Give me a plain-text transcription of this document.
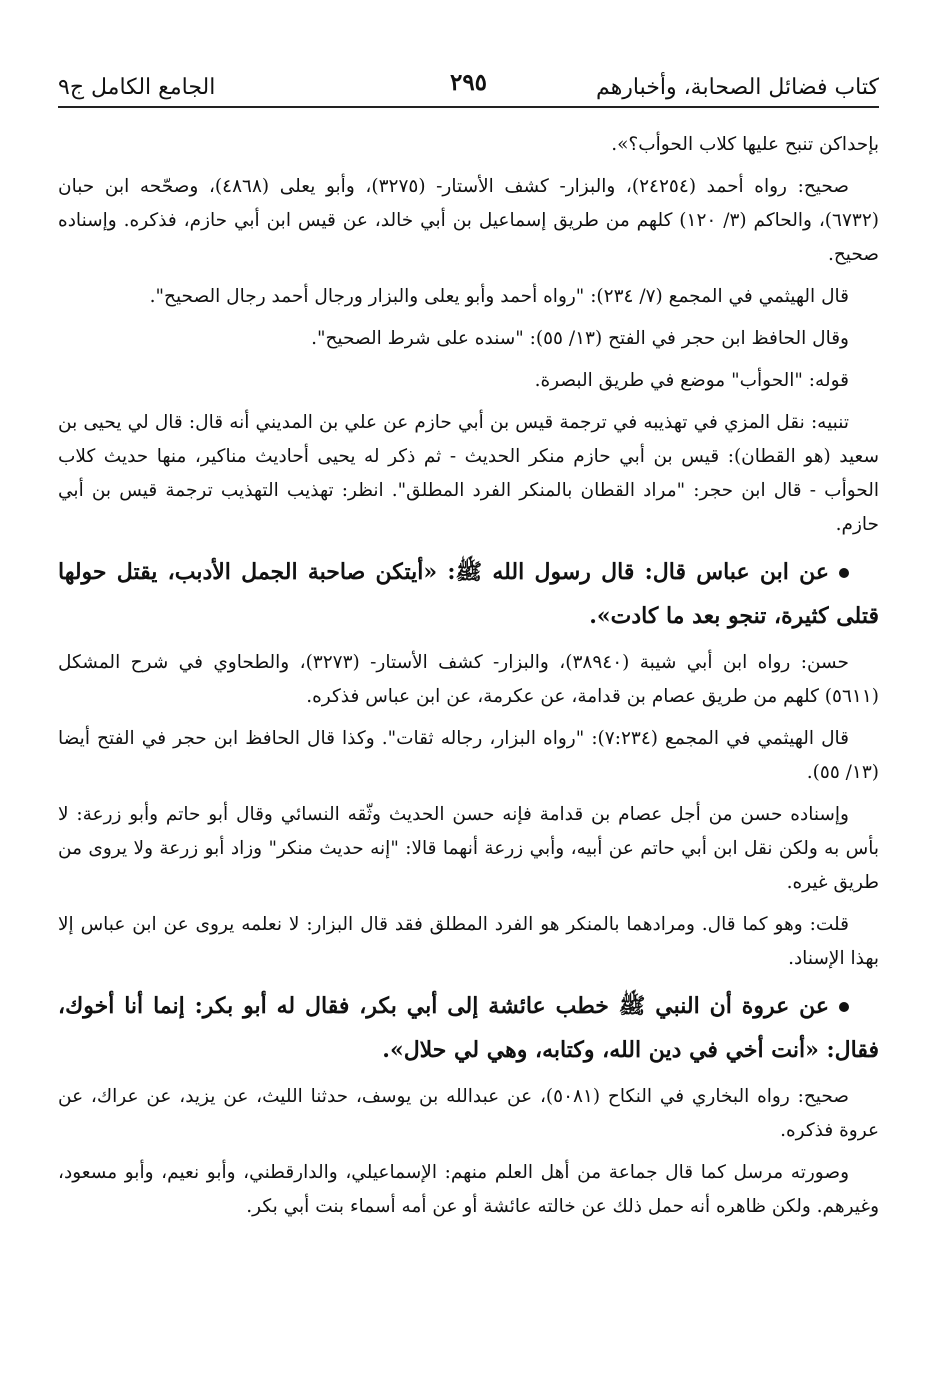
كتاب فضائل الصحابة، وأخبارهم
٢٩٥
الجامع الكامل ج٩

بإحداكن تنبح عليها كلاب الحوأب؟».

صحيح: رواه أحمد (٢٤٢٥٤)، والبزار- كشف الأستار- (٣٢٧٥)، وأبو يعلى (٤٨٦٨)، وصحّحه ابن حبان (٦٧٣٢)، والحاكم (٣/ ١٢٠) كلهم من طريق إسماعيل بن أبي خالد، عن قيس ابن أبي حازم، فذكره. وإسناده صحيح.

قال الهيثمي في المجمع (٧/ ٢٣٤): "رواه أحمد وأبو يعلى والبزار ورجال أحمد رجال الصحيح".

وقال الحافظ ابن حجر في الفتح (١٣/ ٥٥): "سنده على شرط الصحيح".

قوله: "الحوأب" موضع في طريق البصرة.

تنبيه: نقل المزي في تهذيبه في ترجمة قيس بن أبي حازم عن علي بن المديني أنه قال: قال لي يحيى بن سعيد (هو القطان): قيس بن أبي حازم منكر الحديث - ثم ذكر له يحيى أحاديث مناكير، منها حديث كلاب الحوأب - قال ابن حجر: "مراد القطان بالمنكر الفرد المطلق". انظر: تهذيب التهذيب ترجمة قيس بن أبي حازم.

عن ابن عباس قال: قال رسول الله ﷺ: «أيتكن صاحبة الجمل الأدبب، يقتل حولها قتلى كثيرة، تنجو بعد ما كادت».

حسن: رواه ابن أبي شيبة (٣٨٩٤٠)، والبزار- كشف الأستار- (٣٢٧٣)، والطحاوي في شرح المشكل (٥٦١١) كلهم من طريق عصام بن قدامة، عن عكرمة، عن ابن عباس فذكره.

قال الهيثمي في المجمع (٧:٢٣٤): "رواه البزار، رجاله ثقات". وكذا قال الحافظ ابن حجر في الفتح أيضا (١٣/ ٥٥).

وإسناده حسن من أجل عصام بن قدامة فإنه حسن الحديث وثّقه النسائي وقال أبو حاتم وأبو زرعة: لا بأس به ولكن نقل ابن أبي حاتم عن أبيه، وأبي زرعة أنهما قالا: "إنه حديث منكر" وزاد أبو زرعة ولا يروى من طريق غيره.

قلت: وهو كما قال. ومرادهما بالمنكر هو الفرد المطلق فقد قال البزار: لا نعلمه يروى عن ابن عباس إلا بهذا الإسناد.

عن عروة أن النبي ﷺ خطب عائشة إلى أبي بكر، فقال له أبو بكر: إنما أنا أخوك، فقال: «أنت أخي في دين الله، وكتابه، وهي لي حلال».

صحيح: رواه البخاري في النكاح (٥٠٨١)، عن عبدالله بن يوسف، حدثنا الليث، عن يزيد، عن عراك، عن عروة فذكره.

وصورته مرسل كما قال جماعة من أهل العلم منهم: الإسماعيلي، والدارقطني، وأبو نعيم، وأبو مسعود، وغيرهم. ولكن ظاهره أنه حمل ذلك عن خالته عائشة أو عن أمه أسماء بنت أبي بكر.
